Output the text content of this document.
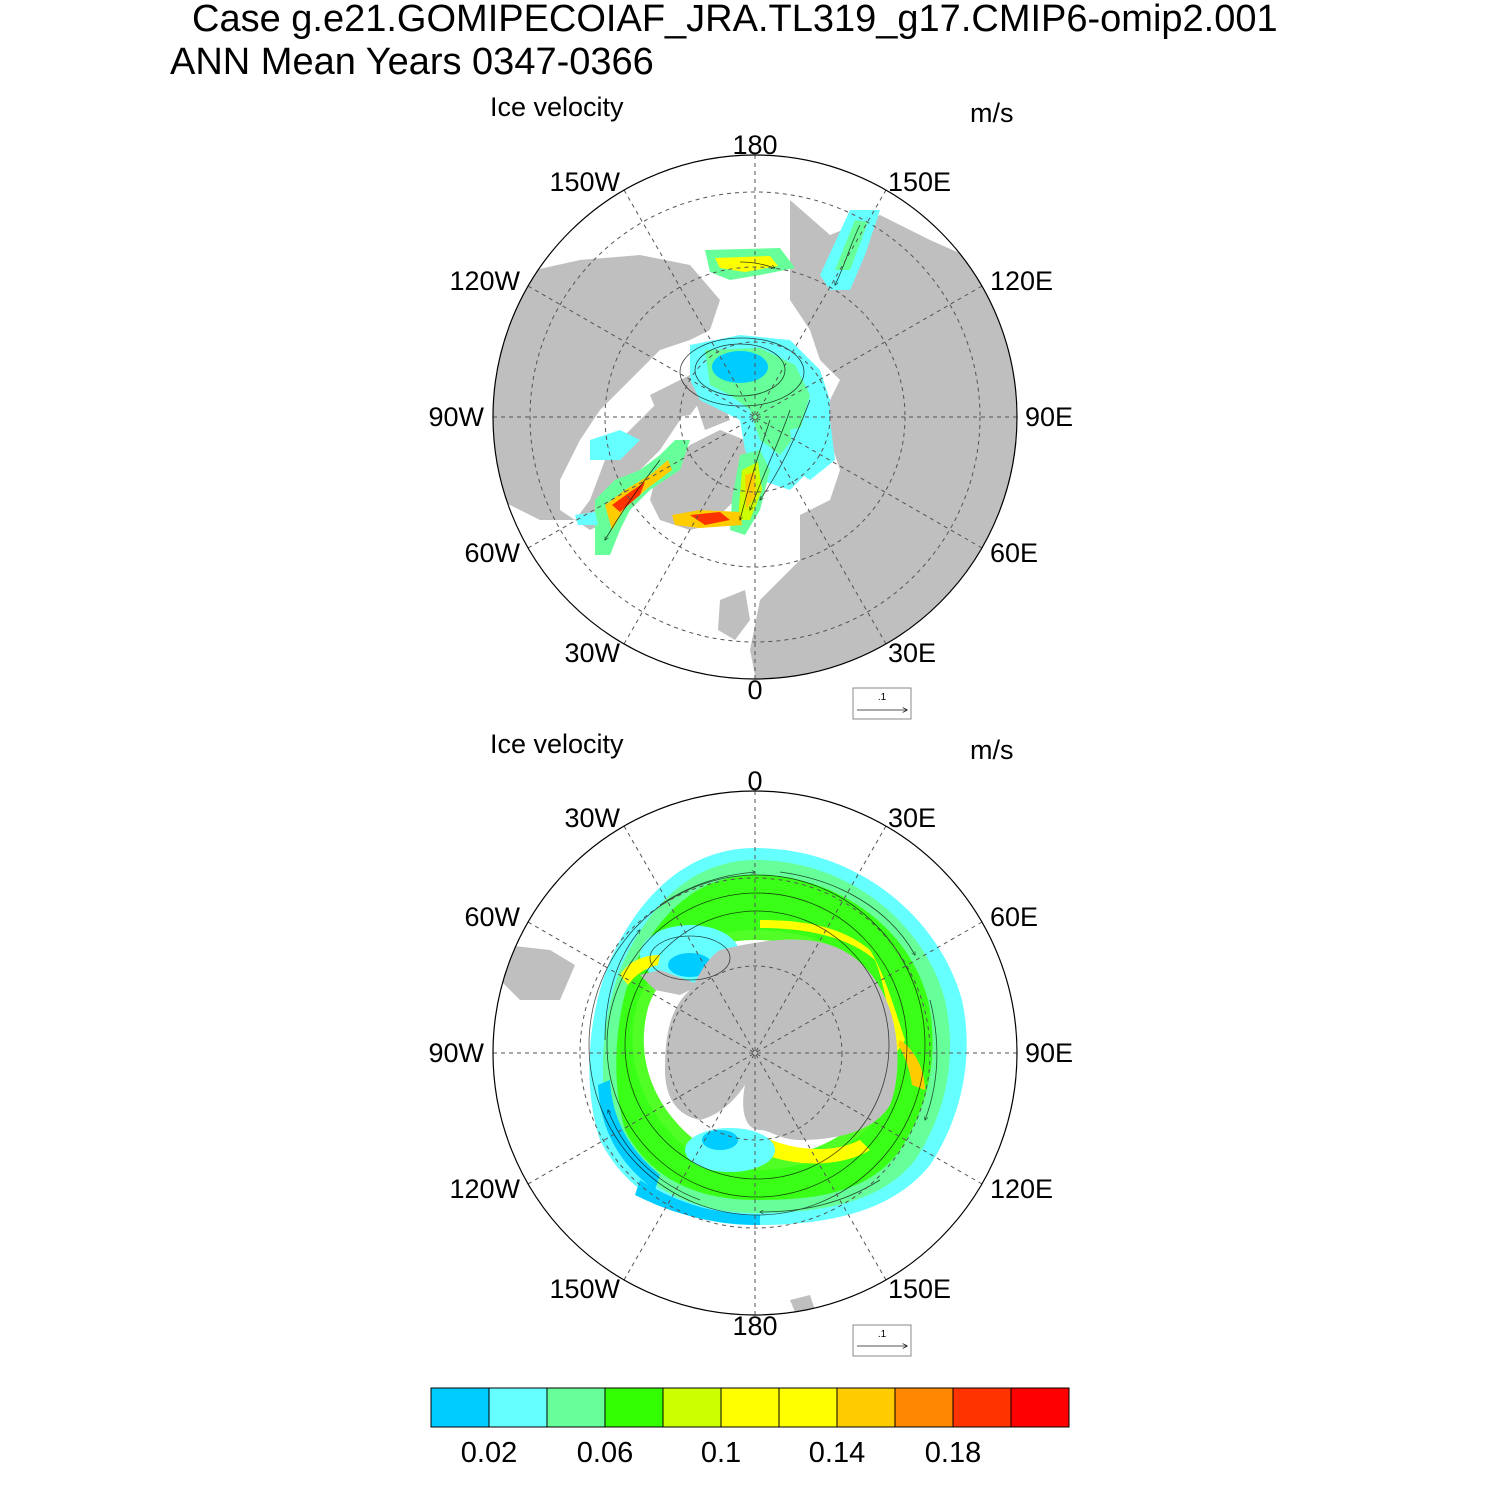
Case g.e21.GOMIPECOIAF_JRA.TL319_g17.CMIP6-omip2.001
ANN Mean Years 0347-0366
Ice velocity	m/s
Ice velocity	m/s
180
150E
120E
90E
60E
30E
0
30W
60W
90W
120W
150W
.1
0
30E
60E
90E
120E
150E
180
150W
120W
90W
60W
30W
.1
0.02 0.06 0.1 0.14 0.18
